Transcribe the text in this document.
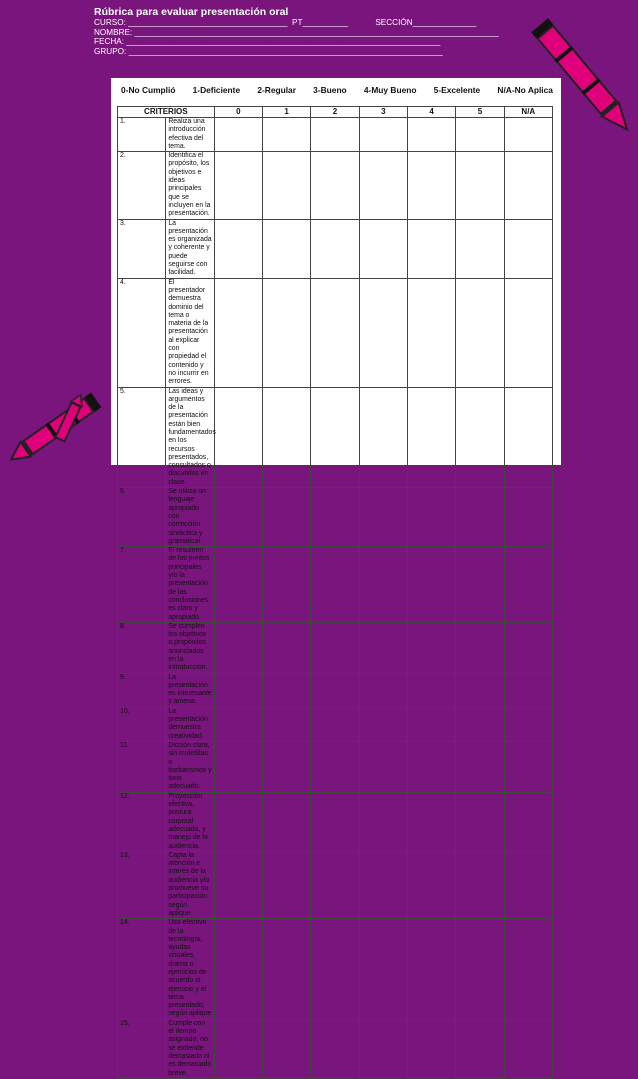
Rúbrica para evaluar presentación oral
CURSO: ___________________________________  PT__________            SECCIÓN______________
NOMBRE: ________________________________________________________________________________
FECHA: _____________________________________________________________________
GRUPO: _____________________________________________________________________
0-No Cumplió 1-Deficiente 2-Regular 3-Bueno 4-Muy Bueno 5-Excelente N/A-No Aplica
CRITERIOS		0	1	2	3	4	5	N/A
1.	Realiza una introducción efectiva del tema.							
2.	Identifica el propósito, los objetivos e ideas principales que se incluyen en la presentación.							
3.	La presentación es organizada y coherente y puede seguirse con facilidad.							
4.	El presentador demuestra dominio del tema o materia de la presentación al explicar con propiedad el contenido y no incurrir en errores.							
5.	Las ideas y argumentos de la presentación están bien fundamentados en los recursos presentados, consultados o discutidos en clase.							
6.	Se utiliza un lenguaje apropiado con corrección sintáctica y gramatical.							
7.	El resumen de los puntos principales y/o la presentación de las conclusiones es claro y apropiado.							
8.	Se cumplen los objetivos o propósitos anunciados en la introducción.							
9.	La presentación es interesante y amena.							
10.	La presentación demuestra creatividad.							
11.	Dicción clara, sin muletillas o barbarismos y tono adecuado.							
12.	Proyección efectiva, postura corporal adecuada, y manejo de la audiencia.							
13.	Capta la atención e interés de la audiencia y/o promueve su participación, según aplique.							
14.	Uso efectivo de la tecnología, ayudas visuales, drama o ejercicios de acuerdo al ejercicio y el tema presentado, según aplique							
15.	Cumple con el tiempo asignado; no se extiende demasiado ni es demasiado breve.							
